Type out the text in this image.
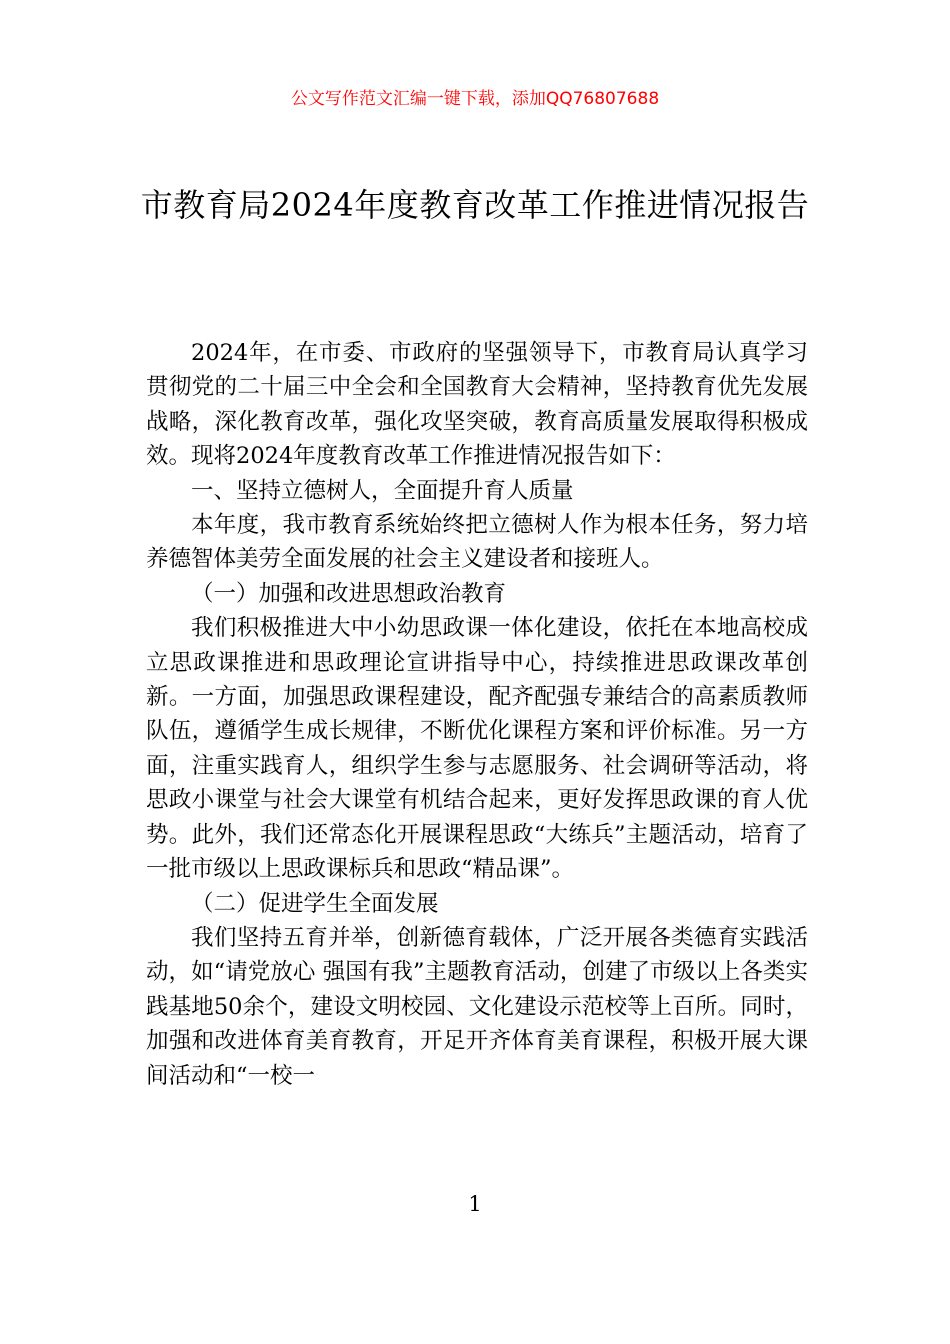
公文写作范文汇编一键下载，添加QQ76807688
市教育局2024年度教育改革工作推进情况报告

2024年，在市委、市政府的坚强领导下，市教育局认真学习贯彻党的二十届三中全会和全国教育大会精神，坚持教育优先发展战略，深化教育改革，强化攻坚突破，教育高质量发展取得积极成效。现将2024年度教育改革工作推进情况报告如下：

一、坚持立德树人，全面提升育人质量

本年度，我市教育系统始终把立德树人作为根本任务，努力培养德智体美劳全面发展的社会主义建设者和接班人。

（一）加强和改进思想政治教育

我们积极推进大中小幼思政课一体化建设，依托在本地高校成立思政课推进和思政理论宣讲指导中心，持续推进思政课改革创新。一方面，加强思政课程建设，配齐配强专兼结合的高素质教师队伍，遵循学生成长规律，不断优化课程方案和评价标准。另一方面，注重实践育人，组织学生参与志愿服务、社会调研等活动，将思政小课堂与社会大课堂有机结合起来，更好发挥思政课的育人优势。此外，我们还常态化开展课程思政“大练兵”主题活动，培育了一批市级以上思政课标兵和思政“精品课”。

（二）促进学生全面发展

我们坚持五育并举，创新德育载体，广泛开展各类德育实践活动，如“请党放心 强国有我”主题教育活动，创建了市级以上各类实践基地50余个，建设文明校园、文化建设示范校等上百所。同时，加强和改进体育美育教育，开足开齐体育美育课程，积极开展大课间活动和“一校一

1
